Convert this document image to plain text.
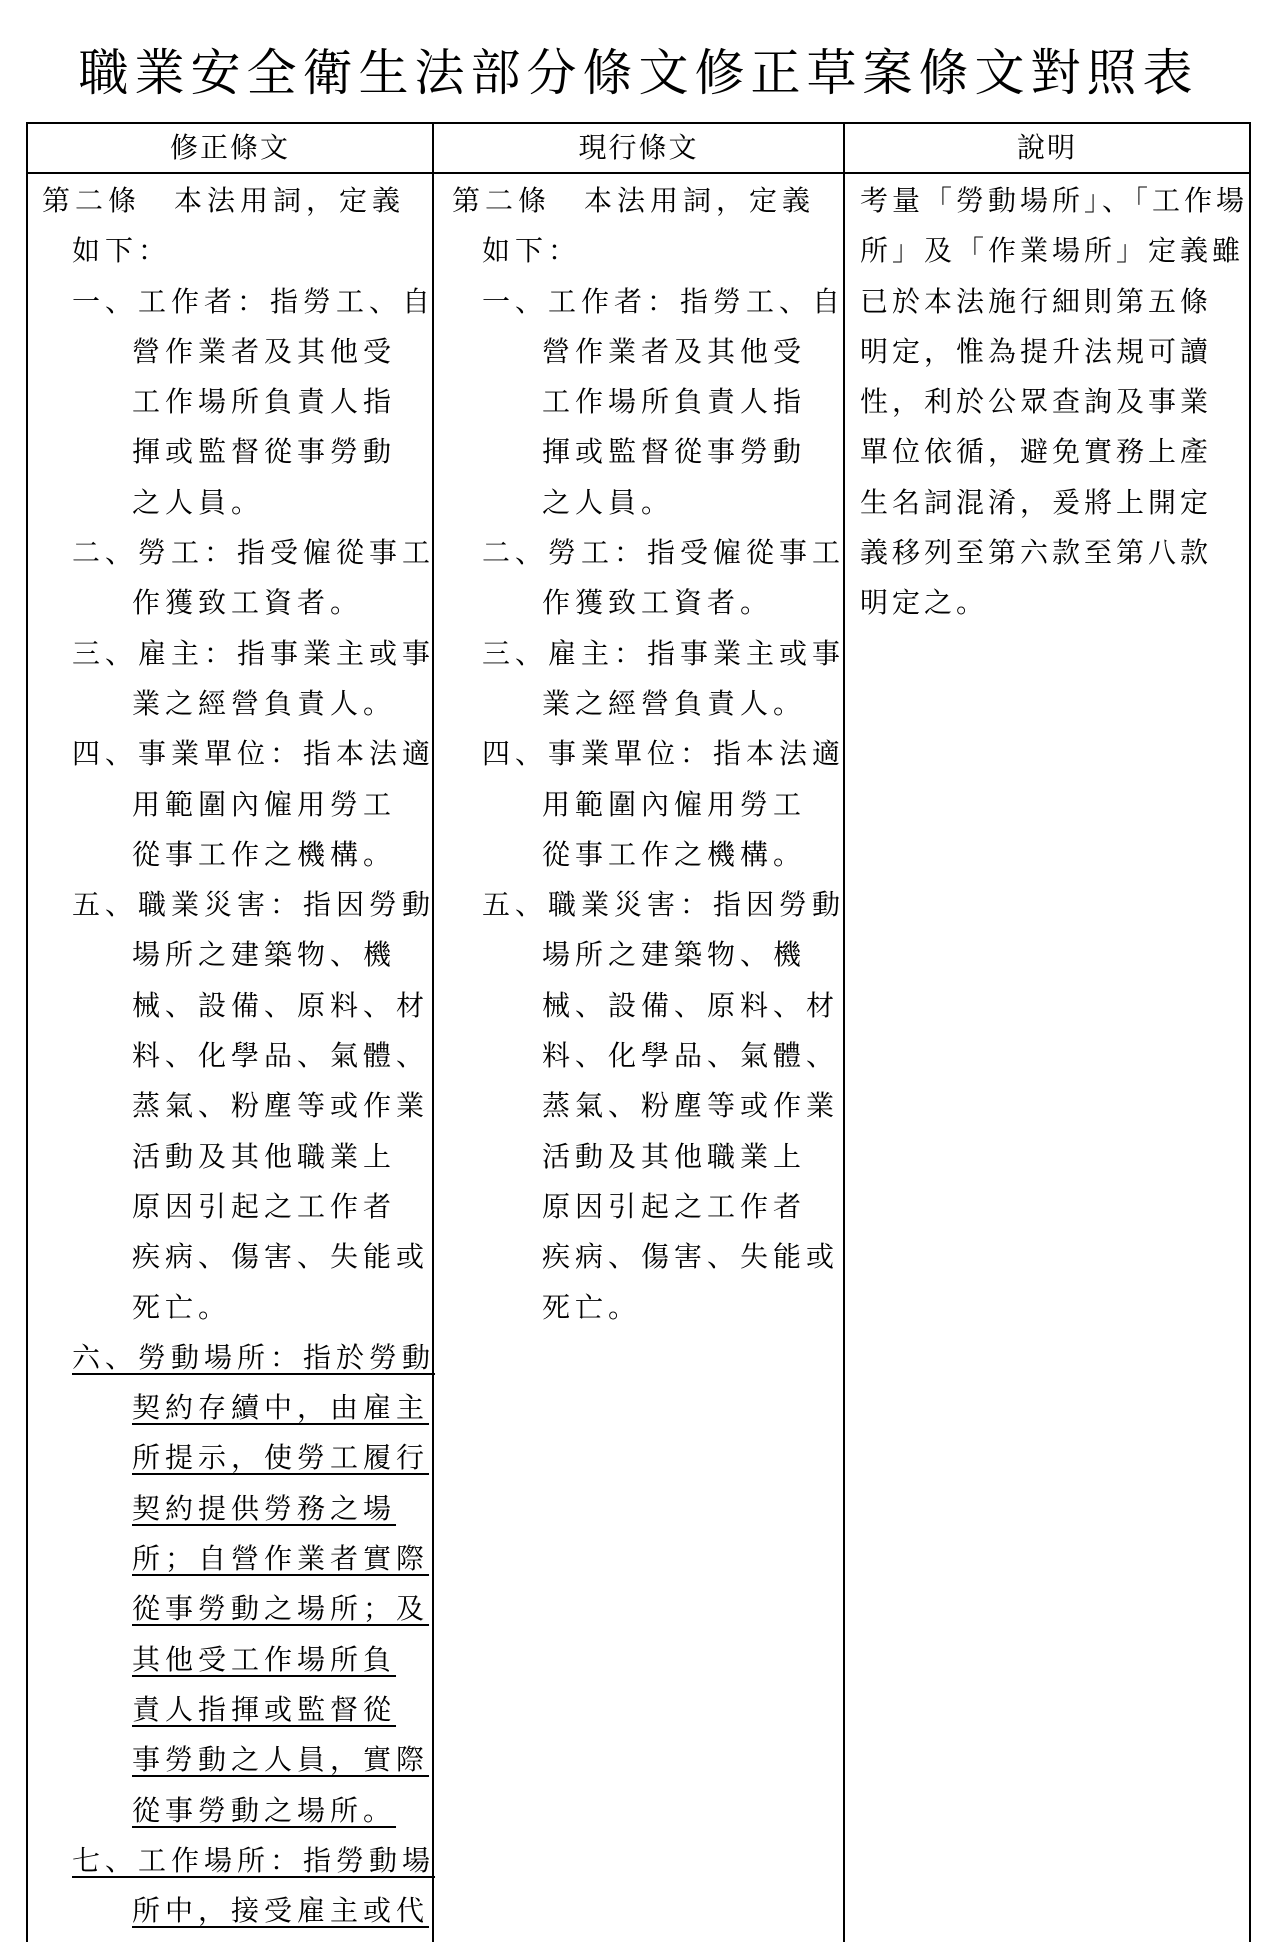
職業安全衛生法部分條文修正草案條文對照表
修正條文	現行條文	說明
第二條　本法用詞，定義
如下：
一、工作者：指勞工、自
營作業者及其他受
工作場所負責人指
揮或監督從事勞動
之人員。
二、勞工：指受僱從事工
作獲致工資者。
三、雇主：指事業主或事
業之經營負責人。
四、事業單位：指本法適
用範圍內僱用勞工
從事工作之機構。
五、職業災害：指因勞動
場所之建築物、機
械、設備、原料、材
料、化學品、氣體、
蒸氣、粉塵等或作業
活動及其他職業上
原因引起之工作者
疾病、傷害、失能或
死亡。
六、勞動場所：指於勞動
契約存續中，由雇主
所提示，使勞工履行
契約提供勞務之場
所；自營作業者實際
從事勞動之場所；及
其他受工作場所負
責人指揮或監督從
事勞動之人員，實際
從事勞動之場所。
七、工作場所：指勞動場
所中，接受雇主或代
第二條　本法用詞，定義
如下：
一、工作者：指勞工、自
營作業者及其他受
工作場所負責人指
揮或監督從事勞動
之人員。
二、勞工：指受僱從事工
作獲致工資者。
三、雇主：指事業主或事
業之經營負責人。
四、事業單位：指本法適
用範圍內僱用勞工
從事工作之機構。
五、職業災害：指因勞動
場所之建築物、機
械、設備、原料、材
料、化學品、氣體、
蒸氣、粉塵等或作業
活動及其他職業上
原因引起之工作者
疾病、傷害、失能或
死亡。
考量「勞動場所」、「工作場
所」及「作業場所」定義雖
已於本法施行細則第五條
明定，惟為提升法規可讀
性，利於公眾查詢及事業
單位依循，避免實務上產
生名詞混淆，爰將上開定
義移列至第六款至第八款
明定之。
